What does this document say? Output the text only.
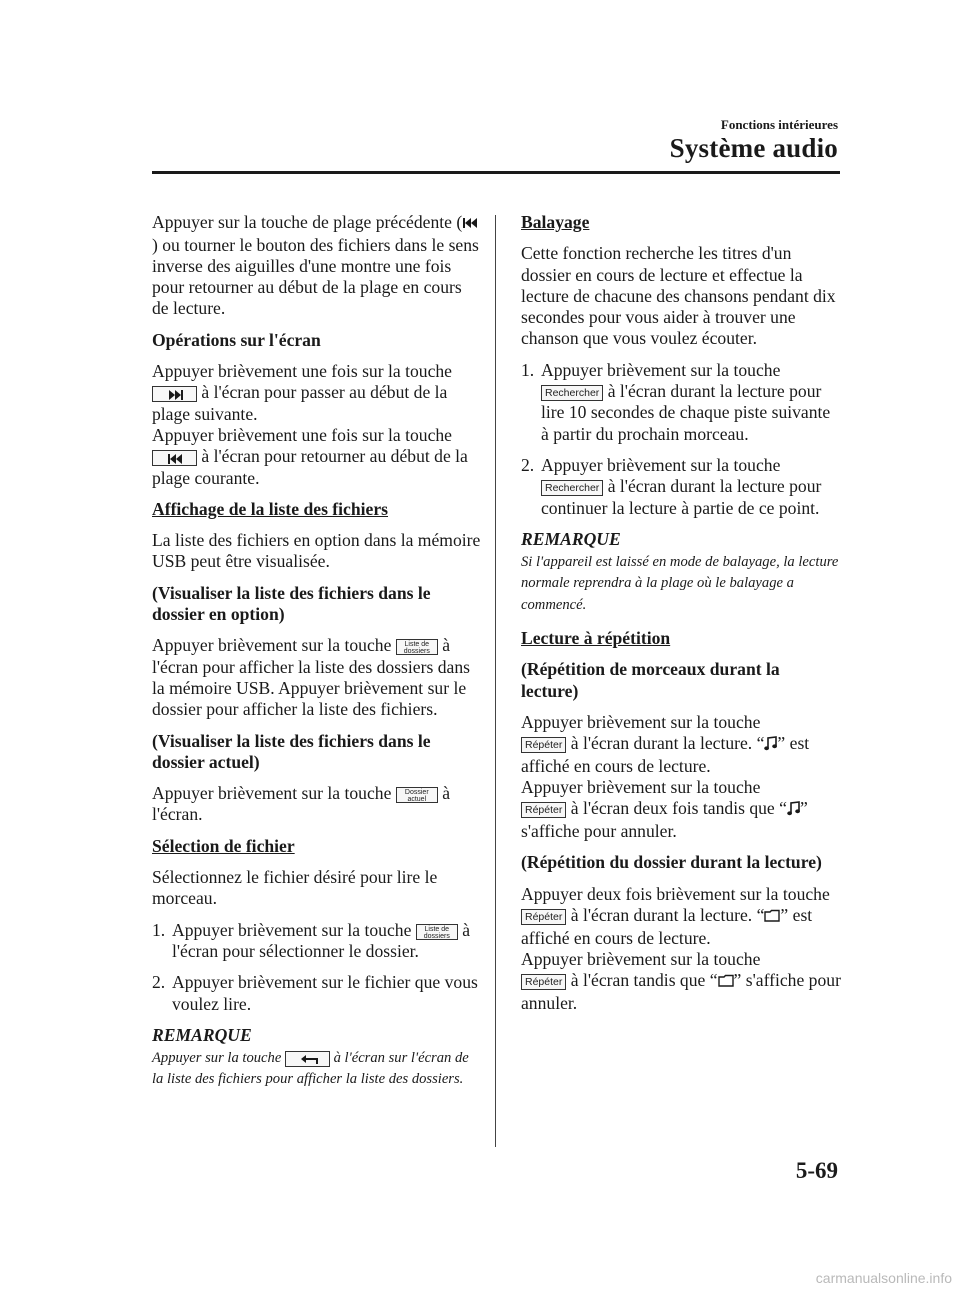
Fonctions intérieures
Système audio

Appuyer sur la touche de plage précédente () ou tourner le bouton des fichiers dans le sens inverse des aiguilles d'une montre une fois pour retourner au début de la plage en cours de lecture.

Opérations sur l'écran

Appuyer brièvement une fois sur la touche
à l'écran pour passer au début de la plage suivante.
Appuyer brièvement une fois sur la touche
à l'écran pour retourner au début de la plage courante.

Affichage de la liste des fichiers

La liste des fichiers en option dans la mémoire USB peut être visualisée.

(Visualiser la liste des fichiers dans le dossier en option)

Appuyer brièvement sur la touche Liste de
dossiers à l'écran pour afficher la liste des dossiers dans la mémoire USB. Appuyer brièvement sur le dossier pour afficher la liste des fichiers.

(Visualiser la liste des fichiers dans le dossier actuel)

Appuyer brièvement sur la touche Dossier
actuel à l'écran.

Sélection de fichier

Sélectionnez le fichier désiré pour lire le morceau.

1. Appuyer brièvement sur la touche Liste de
dossiers à l'écran pour sélectionner le dossier.
2. Appuyer brièvement sur le fichier que vous voulez lire.
REMARQUE
Appuyer sur la touche	à l'écran sur l'écran de la liste des fichiers pour afficher la liste des dossiers.
Balayage

Cette fonction recherche les titres d'un dossier en cours de lecture et effectue la lecture de chacune des chansons pendant dix secondes pour vous aider à trouver une chanson que vous voulez écouter.

1. Appuyer brièvement sur la touche
Rechercher à l'écran durant la lecture pour lire 10 secondes de chaque piste suivante à partir du prochain morceau.
2. Appuyer brièvement sur la touche
Rechercher à l'écran durant la lecture pour continuer la lecture à partie de ce point.
REMARQUE
Si l'appareil est laissé en mode de balayage, la lecture normale reprendra à la plage où le balayage a commencé.
Lecture à répétition
(Répétition de morceaux durant la lecture)

Appuyer brièvement sur la touche
Répéter à l'écran durant la lecture. “ ” est affiché en cours de lecture.
Appuyer brièvement sur la touche
Répéter à l'écran deux fois tandis que “ ” s'affiche pour annuler.

(Répétition du dossier durant la lecture)

Appuyer deux fois brièvement sur la touche Répéter à l'écran durant la lecture. “ ” est affiché en cours de lecture.
Appuyer brièvement sur la touche
Répéter à l'écran tandis que “ ” s'affiche pour annuler.

5-69
carmanualsonline.info
